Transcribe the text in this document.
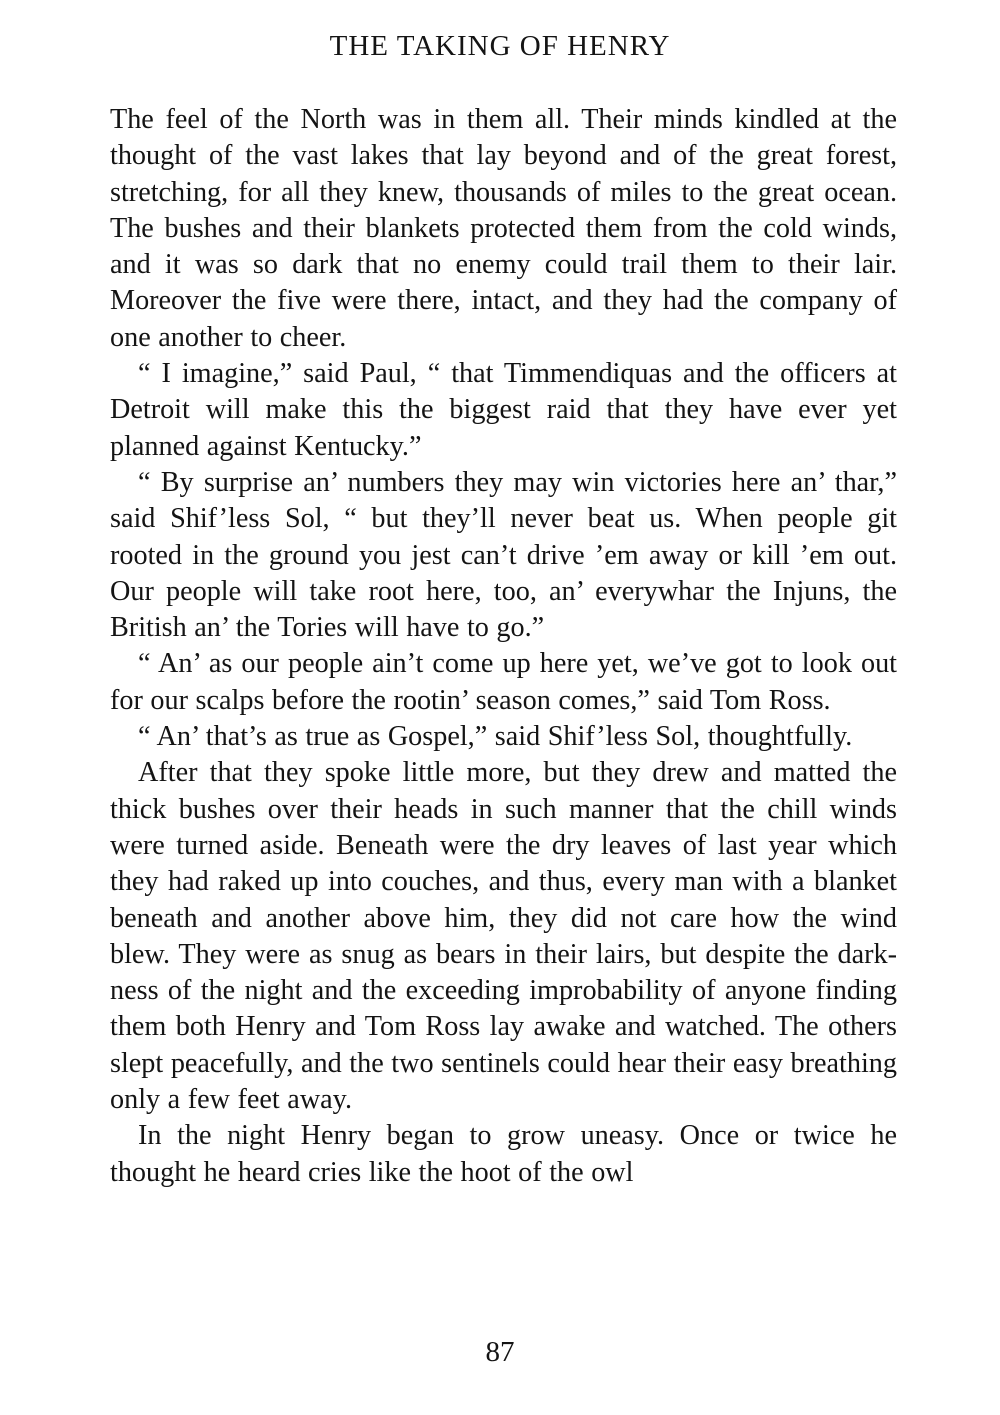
THE TAKING OF HENRY

The feel of the North was in them all. Their minds kindled at the thought of the vast lakes that lay beyond and of the great forest, stretching, for all they knew, thousands of miles to the great ocean. The bushes and their blankets protected them from the cold winds, and it was so dark that no enemy could trail them to their lair. Moreover the five were there, intact, and they had the company of one another to cheer.

“ I imagine,” said Paul, “ that Timmendiquas and the officers at Detroit will make this the biggest raid that they have ever yet planned against Kentucky.”

“ By surprise an’ numbers they may win victories here an’ thar,” said Shif’less Sol, “ but they’ll never beat us. When people git rooted in the ground you jest can’t drive ’em away or kill ’em out. Our people will take root here, too, an’ everywhar the Injuns, the British an’ the Tories will have to go.”

“ An’ as our people ain’t come up here yet, we’ve got to look out for our scalps before the rootin’ season comes,” said Tom Ross.

“ An’ that’s as true as Gospel,” said Shif’less Sol, thoughtfully.

After that they spoke little more, but they drew and matted the thick bushes over their heads in such manner that the chill winds were turned aside. Beneath were the dry leaves of last year which they had raked up into couches, and thus, every man with a blanket beneath and another above him, they did not care how the wind blew. They were as snug as bears in their lairs, but despite the darkness of the night and the exceeding improbability of anyone finding them both Henry and Tom Ross lay awake and watched. The others slept peacefully, and the two sentinels could hear their easy breathing only a few feet away.

In the night Henry began to grow uneasy. Once or twice he thought he heard cries like the hoot of the owl

87
